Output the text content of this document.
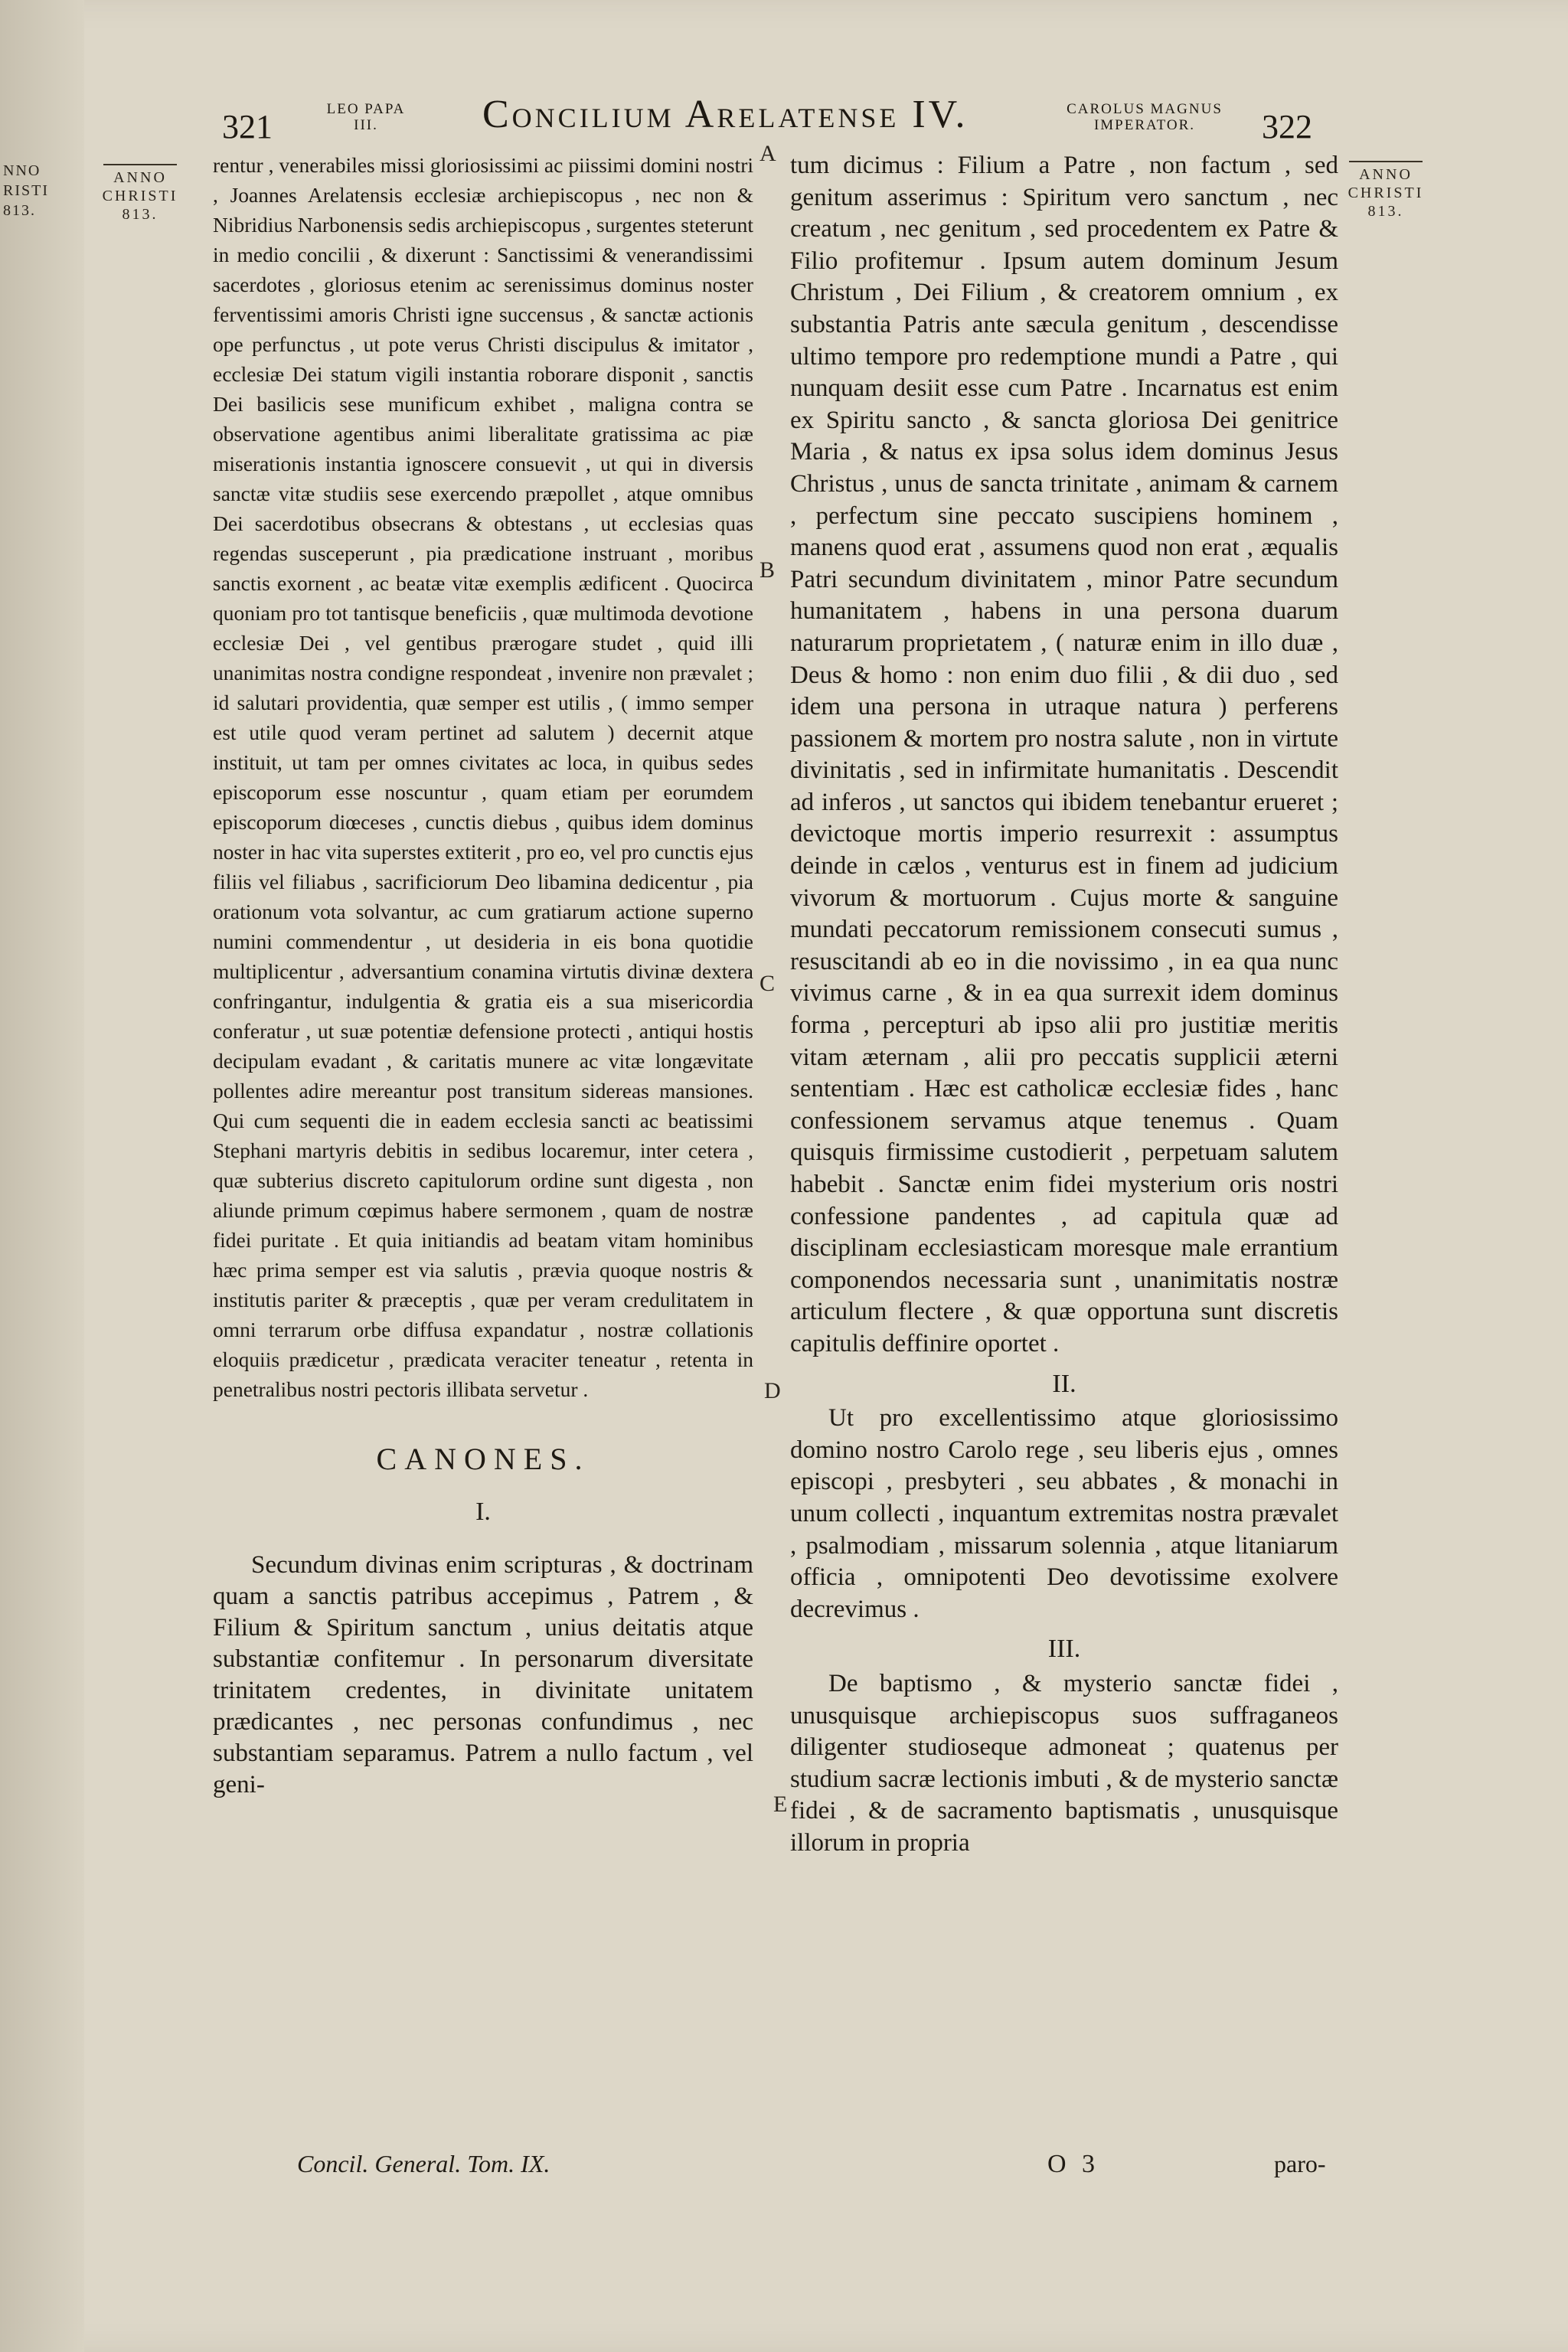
NNO RISTI 813.
321	LEO PAPA III.	Concilium Arelatense IV.	CAROLUS MAGNUS IMPERATOR.	322
ANNO CHRISTI
813.
ANNO CHRISTI
813.

rentur , venerabiles missi gloriosissimi ac piissimi domini nostri , Joannes Arelatensis ecclesiæ archiepiscopus , nec non & Nibridius Narbonensis sedis archiepiscopus , surgentes steterunt in medio concilii , & dixerunt : Sanctissimi & venerandissimi sacerdotes , gloriosus etenim ac serenissimus dominus noster ferventissimi amoris Christi igne succensus , & sanctæ actionis ope perfunctus , ut pote verus Christi discipulus & imitator , ecclesiæ Dei statum vigili instantia roborare disponit , sanctis Dei basilicis sese munificum exhibet , maligna contra se observatione agentibus animi liberalitate gratissima ac piæ miserationis instantia ignoscere consuevit , ut qui in diversis sanctæ vitæ studiis sese exercendo præpollet , atque omnibus Dei sacerdotibus obsecrans & obtestans , ut ecclesias quas regendas susceperunt , pia prædicatione instruant , moribus sanctis exornent , ac beatæ vitæ exemplis ædificent . Quocirca quoniam pro tot tantisque beneficiis , quæ multimoda devotione ecclesiæ Dei , vel gentibus prærogare studet , quid illi unanimitas nostra condigne respondeat , invenire non prævalet ; id salutari providentia, quæ semper est utilis , ( immo semper est utile quod veram pertinet ad salutem ) decernit atque instituit, ut tam per omnes civitates ac loca, in quibus sedes episcoporum esse noscuntur , quam etiam per eorumdem episcoporum diœceses , cunctis diebus , quibus idem dominus noster in hac vita superstes extiterit , pro eo, vel pro cunctis ejus filiis vel filiabus , sacrificiorum Deo libamina dedicentur , pia orationum vota solvantur, ac cum gratiarum actione superno numini commendentur , ut desideria in eis bona quotidie multiplicentur , adversantium conamina virtutis divinæ dextera confringantur, indulgentia & gratia eis a sua misericordia conferatur , ut suæ potentiæ defensione protecti , antiqui hostis decipulam evadant , & caritatis munere ac vitæ longævitate pollentes adire mereantur post transitum sidereas mansiones. Qui cum sequenti die in eadem ecclesia sancti ac beatissimi Stephani martyris debitis in sedibus locaremur, inter cetera , quæ subterius discreto capitulorum ordine sunt digesta , non aliunde primum cœpimus habere sermonem , quam de nostræ fidei puritate . Et quia initiandis ad beatam vitam hominibus hæc prima semper est via salutis , prævia quoque nostris & institutis pariter & præceptis , quæ per veram credulitatem in omni terrarum orbe diffusa expandatur , nostræ collationis eloquiis prædicetur , prædicata veraciter teneatur , retenta in penetralibus nostri pectoris illibata servetur .

CANONES.
I.

Secundum divinas enim scripturas , & doctrinam quam a sanctis patribus accepimus , Patrem , & Filium & Spiritum sanctum , unius deitatis atque substantiæ confitemur . In personarum diversitate trinitatem credentes, in divinitate unitatem prædicantes , nec personas confundimus , nec substantiam separamus. Patrem a nullo factum , vel geni-

A
B
C
D
E

tum dicimus : Filium a Patre , non factum , sed genitum asserimus : Spiritum vero sanctum , nec creatum , nec genitum , sed procedentem ex Patre & Filio profitemur . Ipsum autem dominum Jesum Christum , Dei Filium , & creatorem omnium , ex substantia Patris ante sæcula genitum , descendisse ultimo tempore pro redemptione mundi a Patre , qui nunquam desiit esse cum Patre . Incarnatus est enim ex Spiritu sancto , & sancta gloriosa Dei genitrice Maria , & natus ex ipsa solus idem dominus Jesus Christus , unus de sancta trinitate , animam & carnem , perfectum sine peccato suscipiens hominem , manens quod erat , assumens quod non erat , æqualis Patri secundum divinitatem , minor Patre secundum humanitatem , habens in una persona duarum naturarum proprietatem , ( naturæ enim in illo duæ , Deus & homo : non enim duo filii , & dii duo , sed idem una persona in utraque natura ) perferens passionem & mortem pro nostra salute , non in virtute divinitatis , sed in infirmitate humanitatis . Descendit ad inferos , ut sanctos qui ibidem tenebantur erueret ; devictoque mortis imperio resurrexit : assumptus deinde in cælos , venturus est in finem ad judicium vivorum & mortuorum . Cujus morte & sanguine mundati peccatorum remissionem consecuti sumus , resuscitandi ab eo in die novissimo , in ea qua nunc vivimus carne , & in ea qua surrexit idem dominus forma , percepturi ab ipso alii pro justitiæ meritis vitam æternam , alii pro peccatis supplicii æterni sententiam . Hæc est catholicæ ecclesiæ fides , hanc confessionem servamus atque tenemus . Quam quisquis firmissime custodierit , perpetuam salutem habebit . Sanctæ enim fidei mysterium oris nostri confessione pandentes , ad capitula quæ ad disciplinam ecclesiasticam moresque male errantium componendos necessaria sunt , unanimitatis nostræ articulum flectere , & quæ opportuna sunt discretis capitulis deffinire oportet .

II.

Ut pro excellentissimo atque gloriosissimo domino nostro Carolo rege , seu liberis ejus , omnes episcopi , presbyteri , seu abbates , & monachi in unum collecti , inquantum extremitas nostra prævalet , psalmodiam , missarum solennia , atque litaniarum officia , omnipotenti Deo devotissime exolvere decrevimus .

III.

De baptismo , & mysterio sanctæ fidei , unusquisque archiepiscopus suos suffraganeos diligenter studioseque admoneat ; quatenus per studium sacræ lectionis imbuti , & de mysterio sanctæ fidei , & de sacramento baptismatis , unusquisque illorum in propria

Concil. General. Tom. IX.	O 3	paro-
